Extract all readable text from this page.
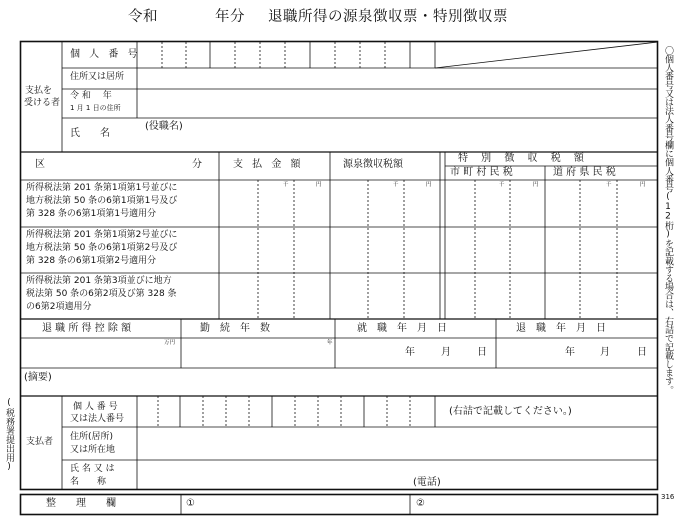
令和	年分 退職所得の源泉徴収票・特別徴収票
支払を
受ける者
個 人 番 号
住所又は居所
令 和　 年
1 月 1 日の住所
氏　　名
(役職名)
区	分	支 払 金 額	源泉徴収税額
特　 別　 徴　 収　 税　 額
市 町 村 民 税	道 府 県 民 税
千	円	千	円	千	円	千	円
所得税法第 201 条第1項第1号並びに
地方税法第 50 条の6第1項第1号及び
第 328 条の6第1項第1号適用分
所得税法第 201 条第1項第2号並びに
地方税法第 50 条の6第1項第2号及び
第 328 条の6第1項第2号適用分
所得税法第 201 条第3項並びに地方
税法第 50 条の6第2項及び第 328 条
の6第2項適用分
退 職 所 得 控 除 額	勤　続　年　数	就　職　年　月　日	退　職　年　月　日
万円	年
年	月	日	年	月	日
(摘要)
支払者
個 人 番 号
又は法人番号
(右詰で記載してください。)
住所(居所)
又は所在地
氏 名 又 は
名　　称	(電話)
整　　理　　欄	①	②
(税務署提出用)
〇個人番号又は法人番号欄に個人番号(12桁)を記載する場合は、右詰で記載します。
316
